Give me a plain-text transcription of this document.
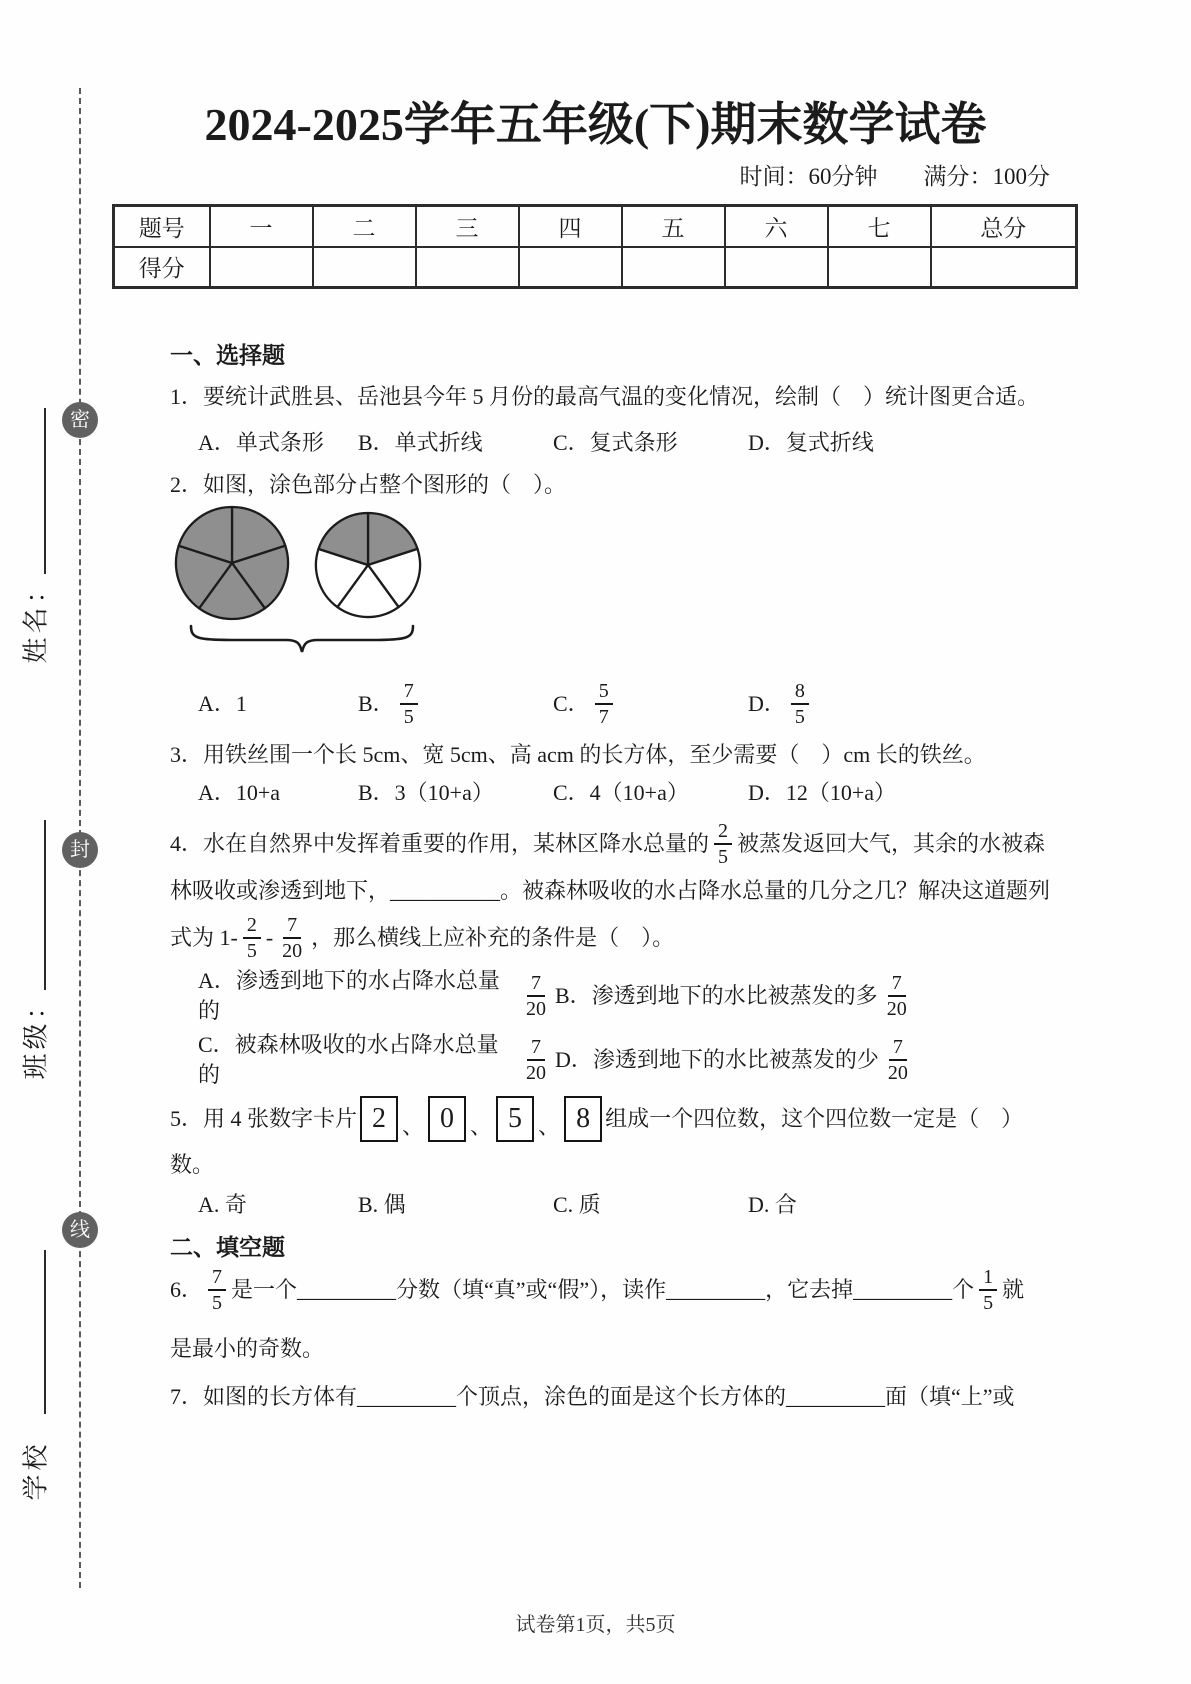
密
封
线
姓名：
班级：
学校
2024-2025学年五年级(下)期末数学试卷
时间：60分钟 满分：100分
题号	一	二	三	四	五	六	七	总分
得分								
一、选择题

1．要统计武胜县、岳池县今年 5 月份的最高气温的变化情况，绘制（　）统计图更合适。

A．单式条形	B．单式折线	C．复式条形	D．复式折线

2．如图，涂色部分占整个图形的（　）。

A．1	B． $\frac{7}{5}$	C． $\frac{5}{7}$	D． $\frac{8}{5}$

3．用铁丝围一个长 5cm、宽 5cm、高 acm 的长方体，至少需要（　）cm 长的铁丝。

A．10+a	B．3（10+a）	C．4（10+a）	D．12（10+a）
4．水在自然界中发挥着重要的作用，某林区降水总量的 $\frac{2}{5}$ 被蒸发返回大气，其余的水被森

林吸收或渗透到地下，__________。被森林吸收的水占降水总量的几分之几？解决这道题列

式为 $1- \frac{2}{5} - \frac{7}{20}$ ，那么横线上应补充的条件是（　）。
A．渗透到地下的水占降水总量的	$\frac{7}{20}$ B．渗透到地下的水比被蒸发的多 $\frac{7}{20}$
C．被森林吸收的水占降水总量的	$\frac{7}{20}$ D．渗透到地下的水比被蒸发的少 $\frac{7}{20}$
5．用 4 张数字卡片 2 、 0 、 5 、 8 组成一个四位数，这个四位数一定是（　）

数。

A. 奇	B. 偶	C. 质	D. 合
二、填空题
6． $\frac{7}{5}$ 是一个 _________ 分数（填“真”或“假”），读作 _________ ，它去掉 _________ 个 $\frac{1}{5}$ 就

是最小的奇数。

7．如图的长方体有 _________ 个顶点，涂色的面是这个长方体的 _________ 面（填“上”或
试卷第1页，共5页
